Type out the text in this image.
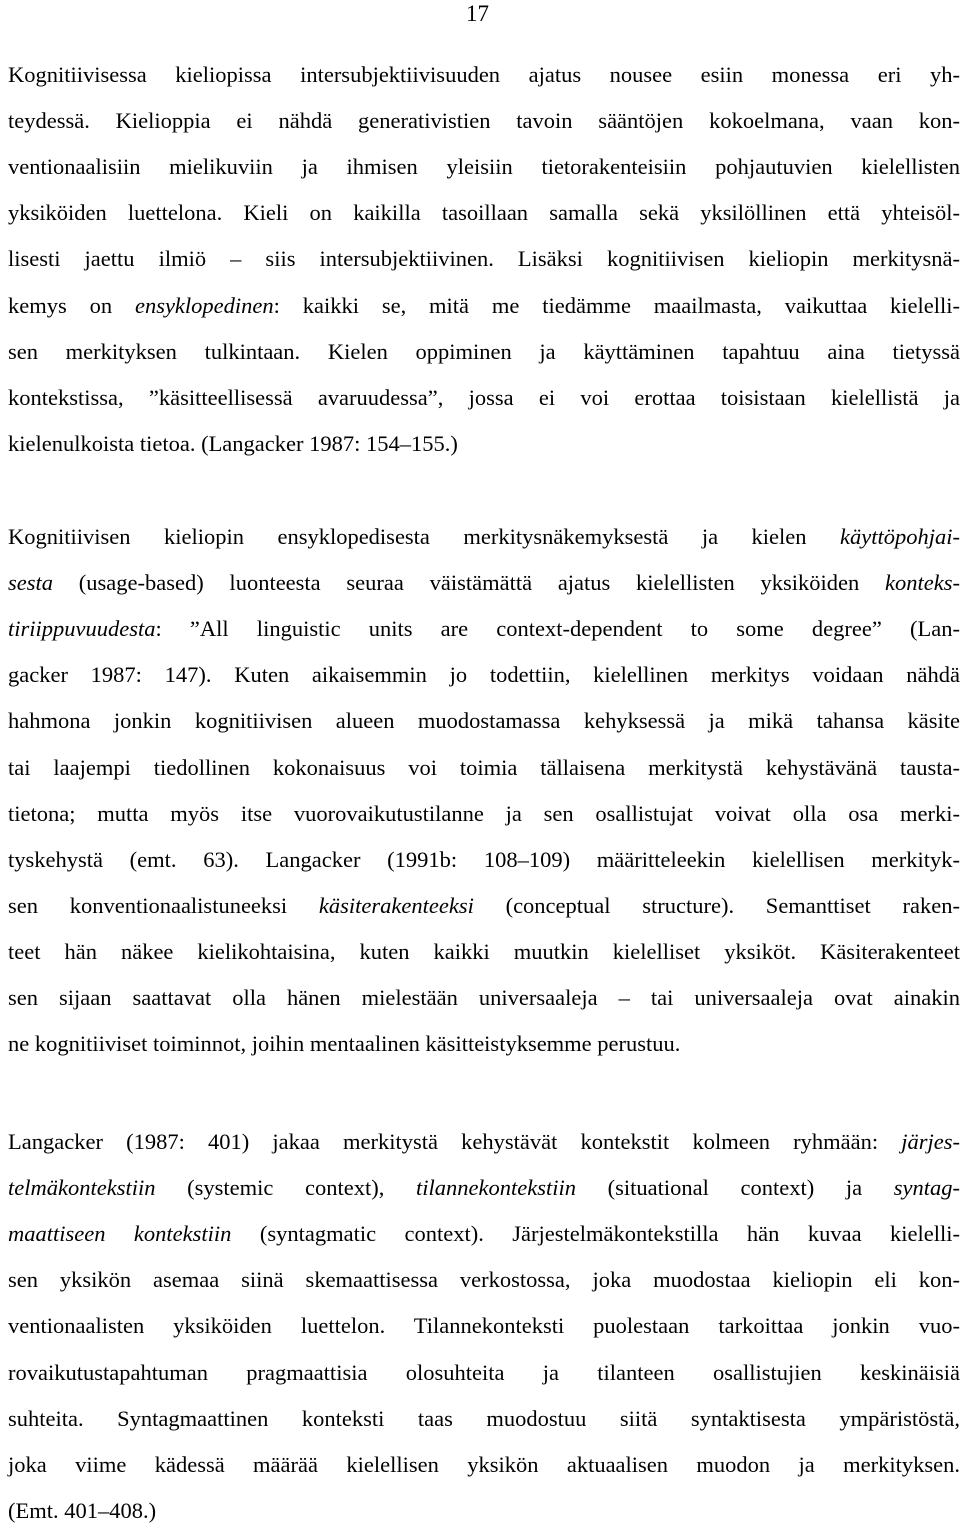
17
Kognitiivisessa kieliopissa intersubjektiivisuuden ajatus nousee esiin monessa eri yh-
teydessä. Kielioppia ei nähdä generativistien tavoin sääntöjen kokoelmana, vaan kon-
ventionaalisiin mielikuviin ja ihmisen yleisiin tietorakenteisiin pohjautuvien kielellisten
yksiköiden luettelona. Kieli on kaikilla tasoillaan samalla sekä yksilöllinen että yhteisöl-
lisesti jaettu ilmiö – siis intersubjektiivinen. Lisäksi kognitiivisen kieliopin merkitysnä-
kemys on ensyklopedinen: kaikki se, mitä me tiedämme maailmasta, vaikuttaa kielelli-
sen merkityksen tulkintaan. Kielen oppiminen ja käyttäminen tapahtuu aina tietyssä
kontekstissa, ”käsitteellisessä avaruudessa”, jossa ei voi erottaa toisistaan kielellistä ja
kielenulkoista tietoa. (Langacker 1987: 154–155.)
Kognitiivisen kieliopin ensyklopedisesta merkitysnäkemyksestä ja kielen käyttöpohjai-
sesta (usage-based) luonteesta seuraa väistämättä ajatus kielellisten yksiköiden konteks-
tiriippuvuudesta: ”All linguistic units are context-dependent to some degree” (Lan-
gacker 1987: 147). Kuten aikaisemmin jo todettiin, kielellinen merkitys voidaan nähdä
hahmona jonkin kognitiivisen alueen muodostamassa kehyksessä ja mikä tahansa käsite
tai laajempi tiedollinen kokonaisuus voi toimia tällaisena merkitystä kehystävänä tausta-
tietona; mutta myös itse vuorovaikutustilanne ja sen osallistujat voivat olla osa merki-
tyskehystä (emt. 63). Langacker (1991b: 108–109) määritteleekin kielellisen merkityk-
sen konventionaalistuneeksi käsiterakenteeksi (conceptual structure). Semanttiset raken-
teet hän näkee kielikohtaisina, kuten kaikki muutkin kielelliset yksiköt. Käsiterakenteet
sen sijaan saattavat olla hänen mielestään universaaleja – tai universaaleja ovat ainakin
ne kognitiiviset toiminnot, joihin mentaalinen käsitteistyksemme perustuu.
Langacker (1987: 401) jakaa merkitystä kehystävät kontekstit kolmeen ryhmään: järjes-
telmäkontekstiin (systemic context), tilannekontekstiin (situational context) ja syntag-
maattiseen kontekstiin (syntagmatic context). Järjestelmäkontekstilla hän kuvaa kielelli-
sen yksikön asemaa siinä skemaattisessa verkostossa, joka muodostaa kieliopin eli kon-
ventionaalisten yksiköiden luettelon. Tilannekonteksti puolestaan tarkoittaa jonkin vuo-
rovaikutustapahtuman pragmaattisia olosuhteita ja tilanteen osallistujien keskinäisiä
suhteita. Syntagmaattinen konteksti taas muodostuu siitä syntaktisesta ympäristöstä,
joka viime kädessä määrää kielellisen yksikön aktuaalisen muodon ja merkityksen.
(Emt. 401–408.)
